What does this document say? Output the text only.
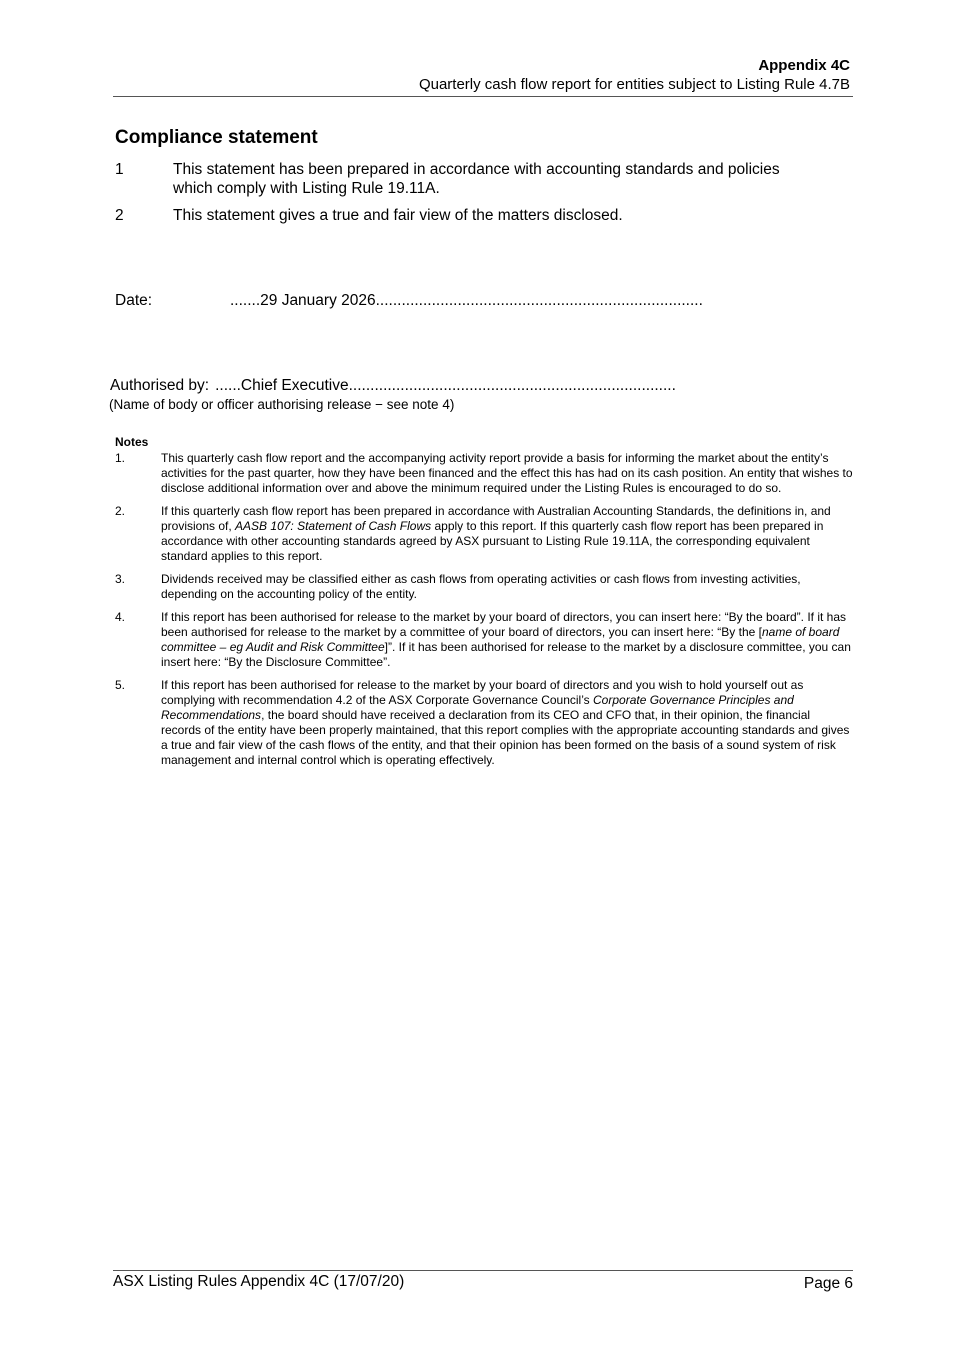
Appendix 4C
Quarterly cash flow report for entities subject to Listing Rule 4.7B
Compliance statement
1	This statement has been prepared in accordance with accounting standards and policies which comply with Listing Rule 19.11A.
2	This statement gives a true and fair view of the matters disclosed.
Date:	.......29 January 2026............................................................................
Authorised by: ......Chief Executive............................................................................
(Name of body or officer authorising release − see note 4)
Notes
1.	This quarterly cash flow report and the accompanying activity report provide a basis for informing the market about the entity’s activities for the past quarter, how they have been financed and the effect this has had on its cash position. An entity that wishes to disclose additional information over and above the minimum required under the Listing Rules is encouraged to do so.
2.	If this quarterly cash flow report has been prepared in accordance with Australian Accounting Standards, the definitions in, and provisions of, AASB 107: Statement of Cash Flows apply to this report. If this quarterly cash flow report has been prepared in accordance with other accounting standards agreed by ASX pursuant to Listing Rule 19.11A, the corresponding equivalent standard applies to this report.
3.	Dividends received may be classified either as cash flows from operating activities or cash flows from investing activities, depending on the accounting policy of the entity.
4.	If this report has been authorised for release to the market by your board of directors, you can insert here: “By the board”. If it has been authorised for release to the market by a committee of your board of directors, you can insert here: “By the [name of board committee – eg Audit and Risk Committee]”. If it has been authorised for release to the market by a disclosure committee, you can insert here: “By the Disclosure Committee”.
5.	If this report has been authorised for release to the market by your board of directors and you wish to hold yourself out as complying with recommendation 4.2 of the ASX Corporate Governance Council’s Corporate Governance Principles and Recommendations, the board should have received a declaration from its CEO and CFO that, in their opinion, the financial records of the entity have been properly maintained, that this report complies with the appropriate accounting standards and gives a true and fair view of the cash flows of the entity, and that their opinion has been formed on the basis of a sound system of risk management and internal control which is operating effectively.
ASX Listing Rules Appendix 4C (17/07/20)	Page 6
